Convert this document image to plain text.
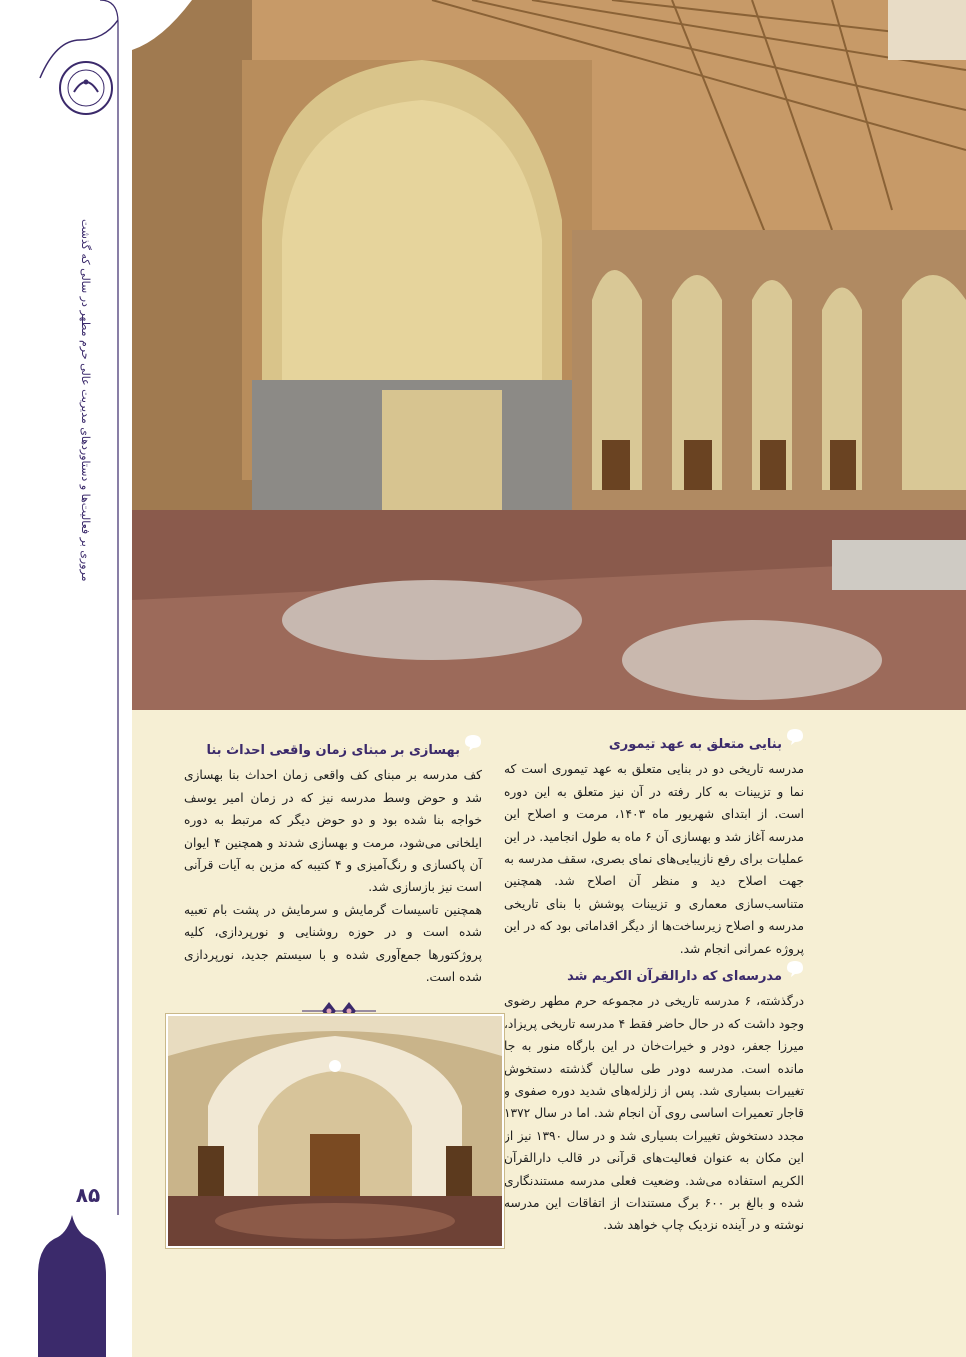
مروری بر فعالیت‌ها و دستاوردهای مدیریت عالی حرم مطهر در سالی که گذشت
۸۵
بنایی متعلق به عهد تیموری

مدرسه تاریخی دو در بنایی متعلق به عهد تیموری است که نما و تزیینات به کار رفته در آن نیز متعلق به این دوره است. از ابتدای شهریور ماه ۱۴۰۳، مرمت و اصلاح این مدرسه آغاز شد و بهسازی آن ۶ ماه به طول انجامید. در این عملیات برای رفع نازیبایی‌های نمای بصری، سقف مدرسه به جهت اصلاح دید و منظر آن اصلاح شد. همچنین متناسب‌سازی معماری و تزیینات پوشش با بنای تاریخی مدرسه و اصلاح زیرساخت‌ها از دیگر اقداماتی بود که در این پروژه عمرانی انجام شد.

مدرسه‌ای که دارالقرآن الکریم شد

درگذشته، ۶ مدرسه تاریخی در مجموعه حرم مطهر رضوی وجود داشت که در حال حاضر فقط ۴ مدرسه تاریخی پریزاد، میرزا جعفر، دودر و خیرات‌خان در این بارگاه منور به جا مانده است. مدرسه دودر طی سالیان گذشته دستخوش تغییرات بسیاری شد. پس از زلزله‌های شدید دوره صفوی و قاجار تعمیرات اساسی روی آن انجام شد. اما در سال ۱۳۷۲ مجدد دستخوش تغییرات بسیاری شد و در سال ۱۳۹۰ نیز از این مکان به عنوان فعالیت‌های قرآنی در قالب دارالقرآن الکریم استفاده می‌شد. وضعیت فعلی مدرسه مستندنگاری شده و بالغ بر ۶۰۰ برگ مستندات از اتفاقات این مدرسه نوشته و در آینده نزدیک چاپ خواهد شد.

بهسازی بر مبنای زمان واقعی احداث بنا

کف مدرسه بر مبنای کف واقعی زمان احداث بنا بهسازی شد و حوض وسط مدرسه نیز که در زمان امیر یوسف خواجه بنا شده بود و دو حوض دیگر که مرتبط به دوره ایلخانی می‌شود، مرمت و بهسازی شدند و همچنین ۴ ایوان آن پاکسازی و رنگ‌آمیزی و ۴ کتیبه که مزین به آیات قرآنی است نیز بازسازی شد.

همچنین تاسیسات گرمایش و سرمایش در پشت بام تعبیه شده است و در حوزه روشنایی و نورپردازی، کلیه پروژکتورها جمع‌آوری شده و با سیستم جدید، نورپردازی شده است.
